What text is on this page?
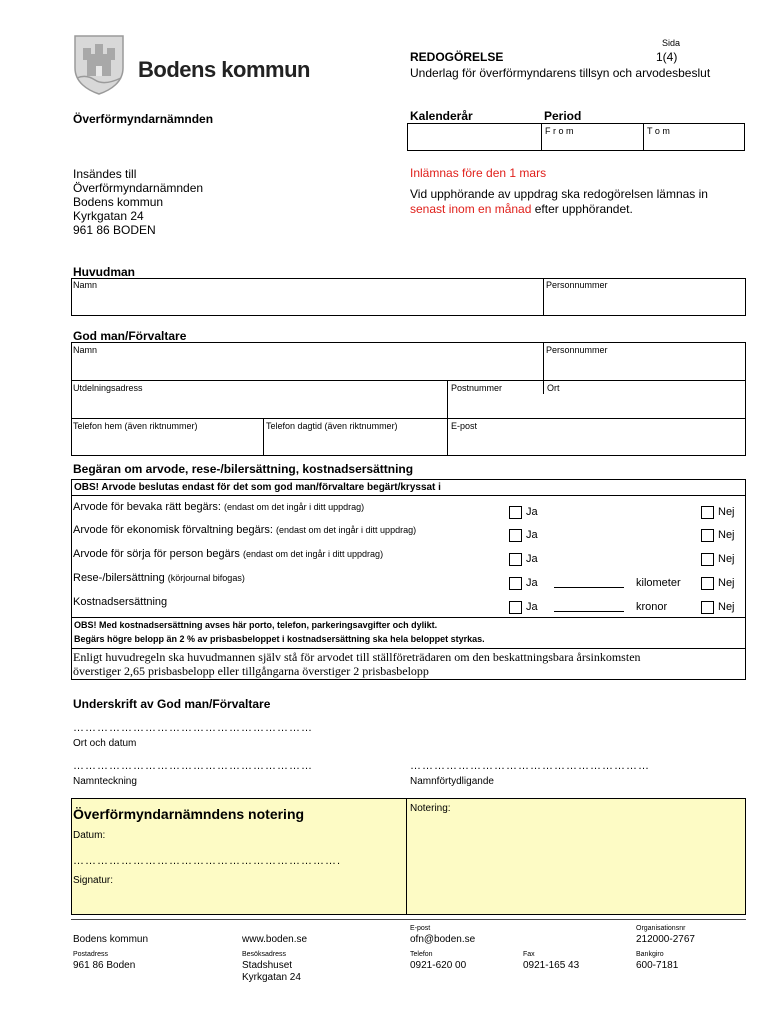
Bodens kommun
Sida
1(4)
REDOGÖRELSE
Underlag för överförmyndarens tillsyn och arvodesbeslut
Överförmyndarnämnden	Kalenderår	Period
F r o m	T o m
Insändes till
Överförmyndarnämnden
Bodens kommun
Kyrkgatan 24
961 86 BODEN
Inlämnas före den 1 mars
Vid upphörande av uppdrag ska redogörelsen lämnas in
senast inom en månad efter upphörandet.
Huvudman
Namn	Personnummer
God man/Förvaltare
Namn	Personnummer
Utdelningsadress	Postnummer	Ort
Telefon hem (även riktnummer)	Telefon dagtid (även riktnummer)	E-post
Begäran om arvode, rese-/bilersättning, kostnadsersättning
OBS! Arvode beslutas endast för det som god man/förvaltare begärt/kryssat i
Arvode för bevaka rätt begärs: (endast om det ingår i ditt uppdrag)	Ja	Nej
Arvode för ekonomisk förvaltning begärs: (endast om det ingår i ditt uppdrag)	Ja	Nej
Arvode för sörja för person begärs (endast om det ingår i ditt uppdrag)	Ja	Nej
Rese-/bilersättning (körjournal bifogas)	Ja	kilometer	Nej
Kostnadsersättning	Ja	kronor	Nej
OBS! Med kostnadsersättning avses här porto, telefon, parkeringsavgifter och dylikt.
Begärs högre belopp än 2 % av prisbasbeloppet i kostnadsersättning ska hela beloppet styrkas.
Enligt huvudregeln ska huvudmannen själv stå för arvodet till ställföreträdaren om den beskattningsbara årsinkomsten
överstiger 2,65 prisbasbelopp eller tillgångarna överstiger 2 prisbasbelopp
Underskrift av God man/Förvaltare
……………………………………………………
Ort och datum
……………………………………………………
Namnteckning
……………………………………………………
Namnförtydligande
Överförmyndarnämndens notering
Datum:
………………………………………………………….
Signatur:
Notering:
Bodens kommun	www.boden.se
E-post
ofn@boden.se
Organisationsnr
212000-2767
Postadress
961 86 Boden
Besöksadress
Stadshuset
Kyrkgatan 24
Telefon
0921-620 00
Fax
0921-165 43
Bankgiro
600-7181
